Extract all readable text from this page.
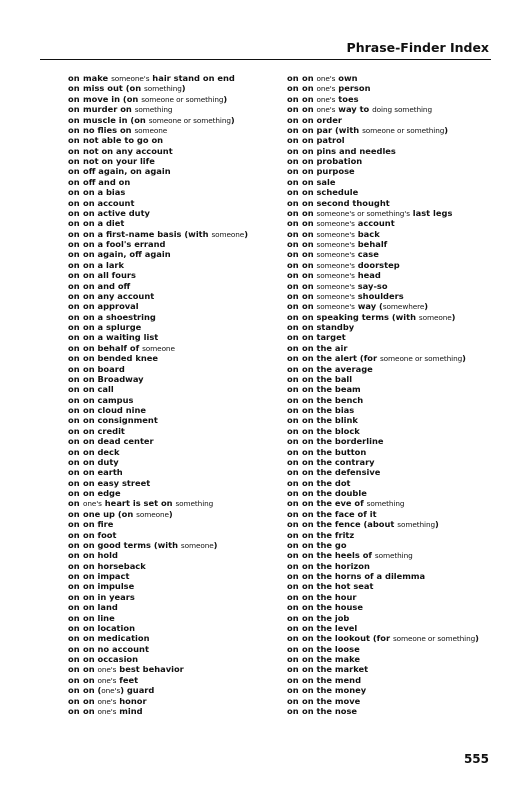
Phrase-Finder Index
on make someone's hair stand on end
on miss out (on something)
on move in (on someone or something)
on murder on something
on muscle in (on someone or something)
on no flies on someone
on not able to go on
on not on any account
on not on your life
on off again, on again
on off and on
on on a bias
on on account
on on active duty
on on a diet
on on a first-name basis (with someone)
on on a fool's errand
on on again, off again
on on a lark
on on all fours
on on and off
on on any account
on on approval
on on a shoestring
on on a splurge
on on a waiting list
on on behalf of someone
on on bended knee
on on board
on on Broadway
on on call
on on campus
on on cloud nine
on on consignment
on on credit
on on dead center
on on deck
on on duty
on on earth
on on easy street
on on edge
on one's heart is set on something
on one up (on someone)
on on fire
on on foot
on on good terms (with someone)
on on hold
on on horseback
on on impact
on on impulse
on on in years
on on land
on on line
on on location
on on medication
on on no account
on on occasion
on on one's best behavior
on on one's feet
on on (one's) guard
on on one's honor
on on one's mind
on on one's own
on on one's person
on on one's toes
on on one's way to doing something
on on order
on on par (with someone or something)
on on patrol
on on pins and needles
on on probation
on on purpose
on on sale
on on schedule
on on second thought
on on someone's or something's last legs
on on someone's account
on on someone's back
on on someone's behalf
on on someone's case
on on someone's doorstep
on on someone's head
on on someone's say-so
on on someone's shoulders
on on someone's way (somewhere)
on on speaking terms (with someone)
on on standby
on on target
on on the air
on on the alert (for someone or something)
on on the average
on on the ball
on on the beam
on on the bench
on on the bias
on on the blink
on on the block
on on the borderline
on on the button
on on the contrary
on on the defensive
on on the dot
on on the double
on on the eve of something
on on the face of it
on on the fence (about something)
on on the fritz
on on the go
on on the heels of something
on on the horizon
on on the horns of a dilemma
on on the hot seat
on on the hour
on on the house
on on the job
on on the level
on on the lookout (for someone or something)
on on the loose
on on the make
on on the market
on on the mend
on on the money
on on the move
on on the nose
555
